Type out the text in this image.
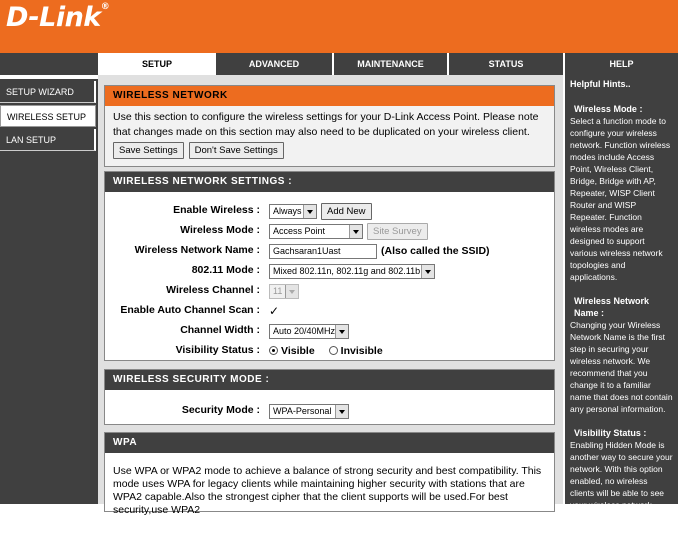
D-Link®
SETUP	ADVANCED	MAINTENANCE	STATUS	HELP
SETUP WIZARD
WIRELESS SETUP
LAN SETUP
WIRELESS NETWORK
Use this section to configure the wireless settings for your D-Link Access Point. Please note that changes made on this section may also need to be duplicated on your wireless client.
Save Settings	Don't Save Settings
WIRELESS NETWORK SETTINGS :
Enable Wireless :	Always	Add New
Wireless Mode :	Access Point	Site Survey
Wireless Network Name :	Gachsaran1Uast	(Also called the SSID)
802.11 Mode :	Mixed 802.11n, 802.11g and 802.11b
Wireless Channel :	11
Enable Auto Channel Scan : ✓
Channel Width :	Auto 20/40MHz
Visibility Status :	Visible	Invisible
WIRELESS SECURITY MODE :
Security Mode :	WPA-Personal
WPA
Use WPA or WPA2 mode to achieve a balance of strong security and best compatibility. This mode uses WPA for legacy clients while maintaining higher security with stations that are WPA2 capable.Also the strongest cipher that the client supports will be used.For best security,use WPA2
Helpful Hints..
Wireless Mode :
Select a function mode to configure your wireless network. Function wireless modes include Access Point, Wireless Client, Bridge, Bridge with AP, Repeater, WISP Client Router and WISP Repeater. Function wireless modes are designed to support various wireless network topologies and applications.
Wireless Network Name :
Changing your Wireless Network Name is the first step in securing your wireless network. We recommend that you change it to a familiar name that does not contain any personal information.
Visibility Status :
Enabling Hidden Mode is another way to secure your network. With this option enabled, no wireless clients will be able to see your wireless network when they perform scan to see what's
